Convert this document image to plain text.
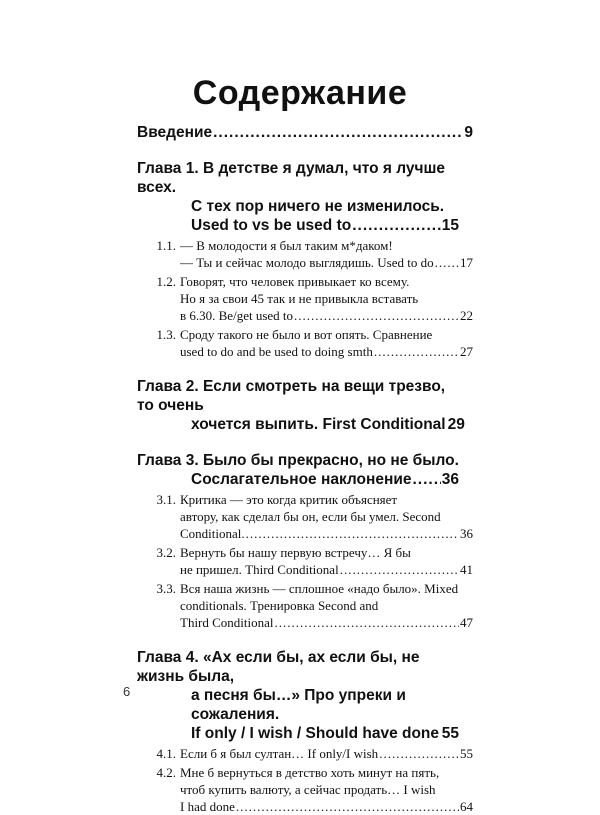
Содержание
Введение .....	9
Глава 1. В детстве я думал, что я лучше всех.
С тех пор ничего не изменилось.
Used to vs be used to .....	15
1.1. — В молодости я был таким м*даком!
— Ты и сейчас молодо выглядишь. Used to do ..... 17
1.2. Говорят, что человек привыкает ко всему.
Но я за свои 45 так и не привыкла вставать
в 6.30. Be/get used to .....	22
1.3. Сроду такого не было и вот опять. Сравнение
used to do and be used to doing smth .....	27
Глава 2. Если смотреть на вещи трезво, то очень
хочется выпить. First Conditional 29
Глава 3. Было бы прекрасно, но не было.
Сослагательное наклонение ..... 36
3.1. Критика — это когда критик объясняет
автору, как сделал бы он, если бы умел. Second
Conditional. .....	36
3.2. Вернуть бы нашу первую встречу… Я бы
не пришел. Third Conditional .....	41
3.3. Вся наша жизнь — сплошное «надо было». Mixed
conditionals. Тренировка Second and
Third Conditional .....	47
Глава 4. «Ах если бы, ах если бы, не жизнь была,
а песня бы…» Про упреки и сожаления.
If only / I wish / Should have done ..... 55
4.1. Если б я был султан… If only/I wish .....	55
4.2. Мне б вернуться в детство хоть минут на пять,
чтоб купить валюту, а сейчас продать… I wish
I had done .....	64
6
